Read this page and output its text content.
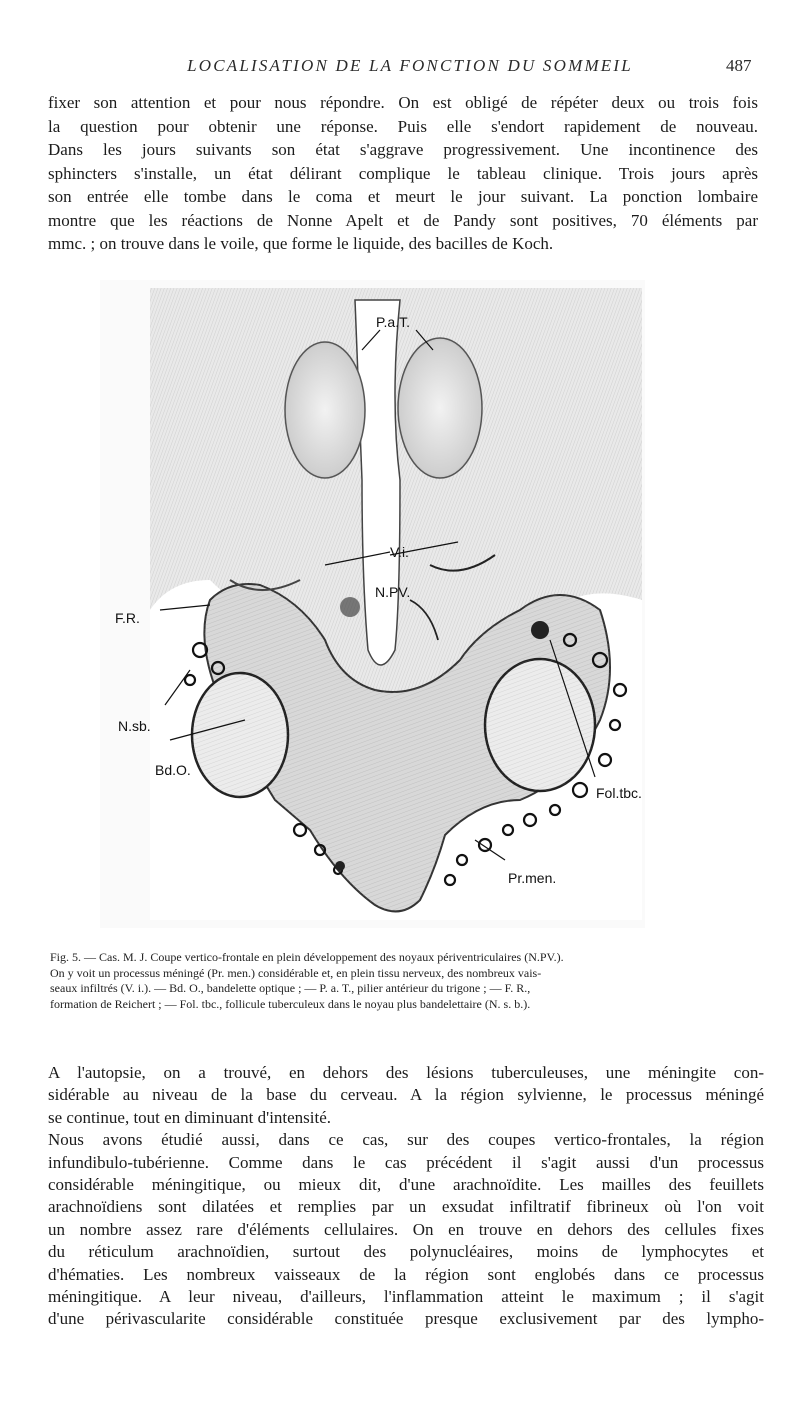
LOCALISATION DE LA FONCTION DU SOMMEIL	487
fixer son attention et pour nous répondre. On est obligé de répéter deux ou trois fois
la question pour obtenir une réponse. Puis elle s'endort rapidement de nouveau.
Dans les jours suivants son état s'aggrave progressivement. Une incontinence des
sphincters s'installe, un état délirant complique le tableau clinique. Trois jours après
son entrée elle tombe dans le coma et meurt le jour suivant. La ponction lombaire
montre que les réactions de Nonne Apelt et de Pandy sont positives, 70 éléments par
mmc. ; on trouve dans le voile, que forme le liquide, des bacilles de Koch.
P.a.T.
V.i.
N.PV.
F.R.
N.sb.
Bd.O.
Fol.tbc.
Pr.men.
Fig. 5. — Cas. M. J. Coupe vertico-frontale en plein développement des noyaux périventriculaires (N.PV.).
On y voit un processus méningé (Pr. men.) considérable et, en plein tissu nerveux, des nombreux vais-
seaux infiltrés (V. i.). — Bd. O., bandelette optique ; — P. a. T., pilier antérieur du trigone ; — F. R.,
formation de Reichert ; — Fol. tbc., follicule tuberculeux dans le noyau plus bandelettaire (N. s. b.).
A l'autopsie, on a trouvé, en dehors des lésions tuberculeuses, une méningite con-
sidérable au niveau de la base du cerveau. A la région sylvienne, le processus méningé
se continue, tout en diminuant d'intensité.
Nous avons étudié aussi, dans ce cas, sur des coupes vertico-frontales, la région
infundibulo-tubérienne. Comme dans le cas précédent il s'agit aussi d'un processus
considérable méningitique, ou mieux dit, d'une arachnoïdite. Les mailles des feuillets
arachnoïdiens sont dilatées et remplies par un exsudat infiltratif fibrineux où l'on voit
un nombre assez rare d'éléments cellulaires. On en trouve en dehors des cellules fixes
du réticulum arachnoïdien, surtout des polynucléaires, moins de lymphocytes et
d'hématies. Les nombreux vaisseaux de la région sont englobés dans ce processus
méningitique. A leur niveau, d'ailleurs, l'inflammation atteint le maximum ; il s'agit
d'une périvascularite considérable constituée presque exclusivement par des lympho-
